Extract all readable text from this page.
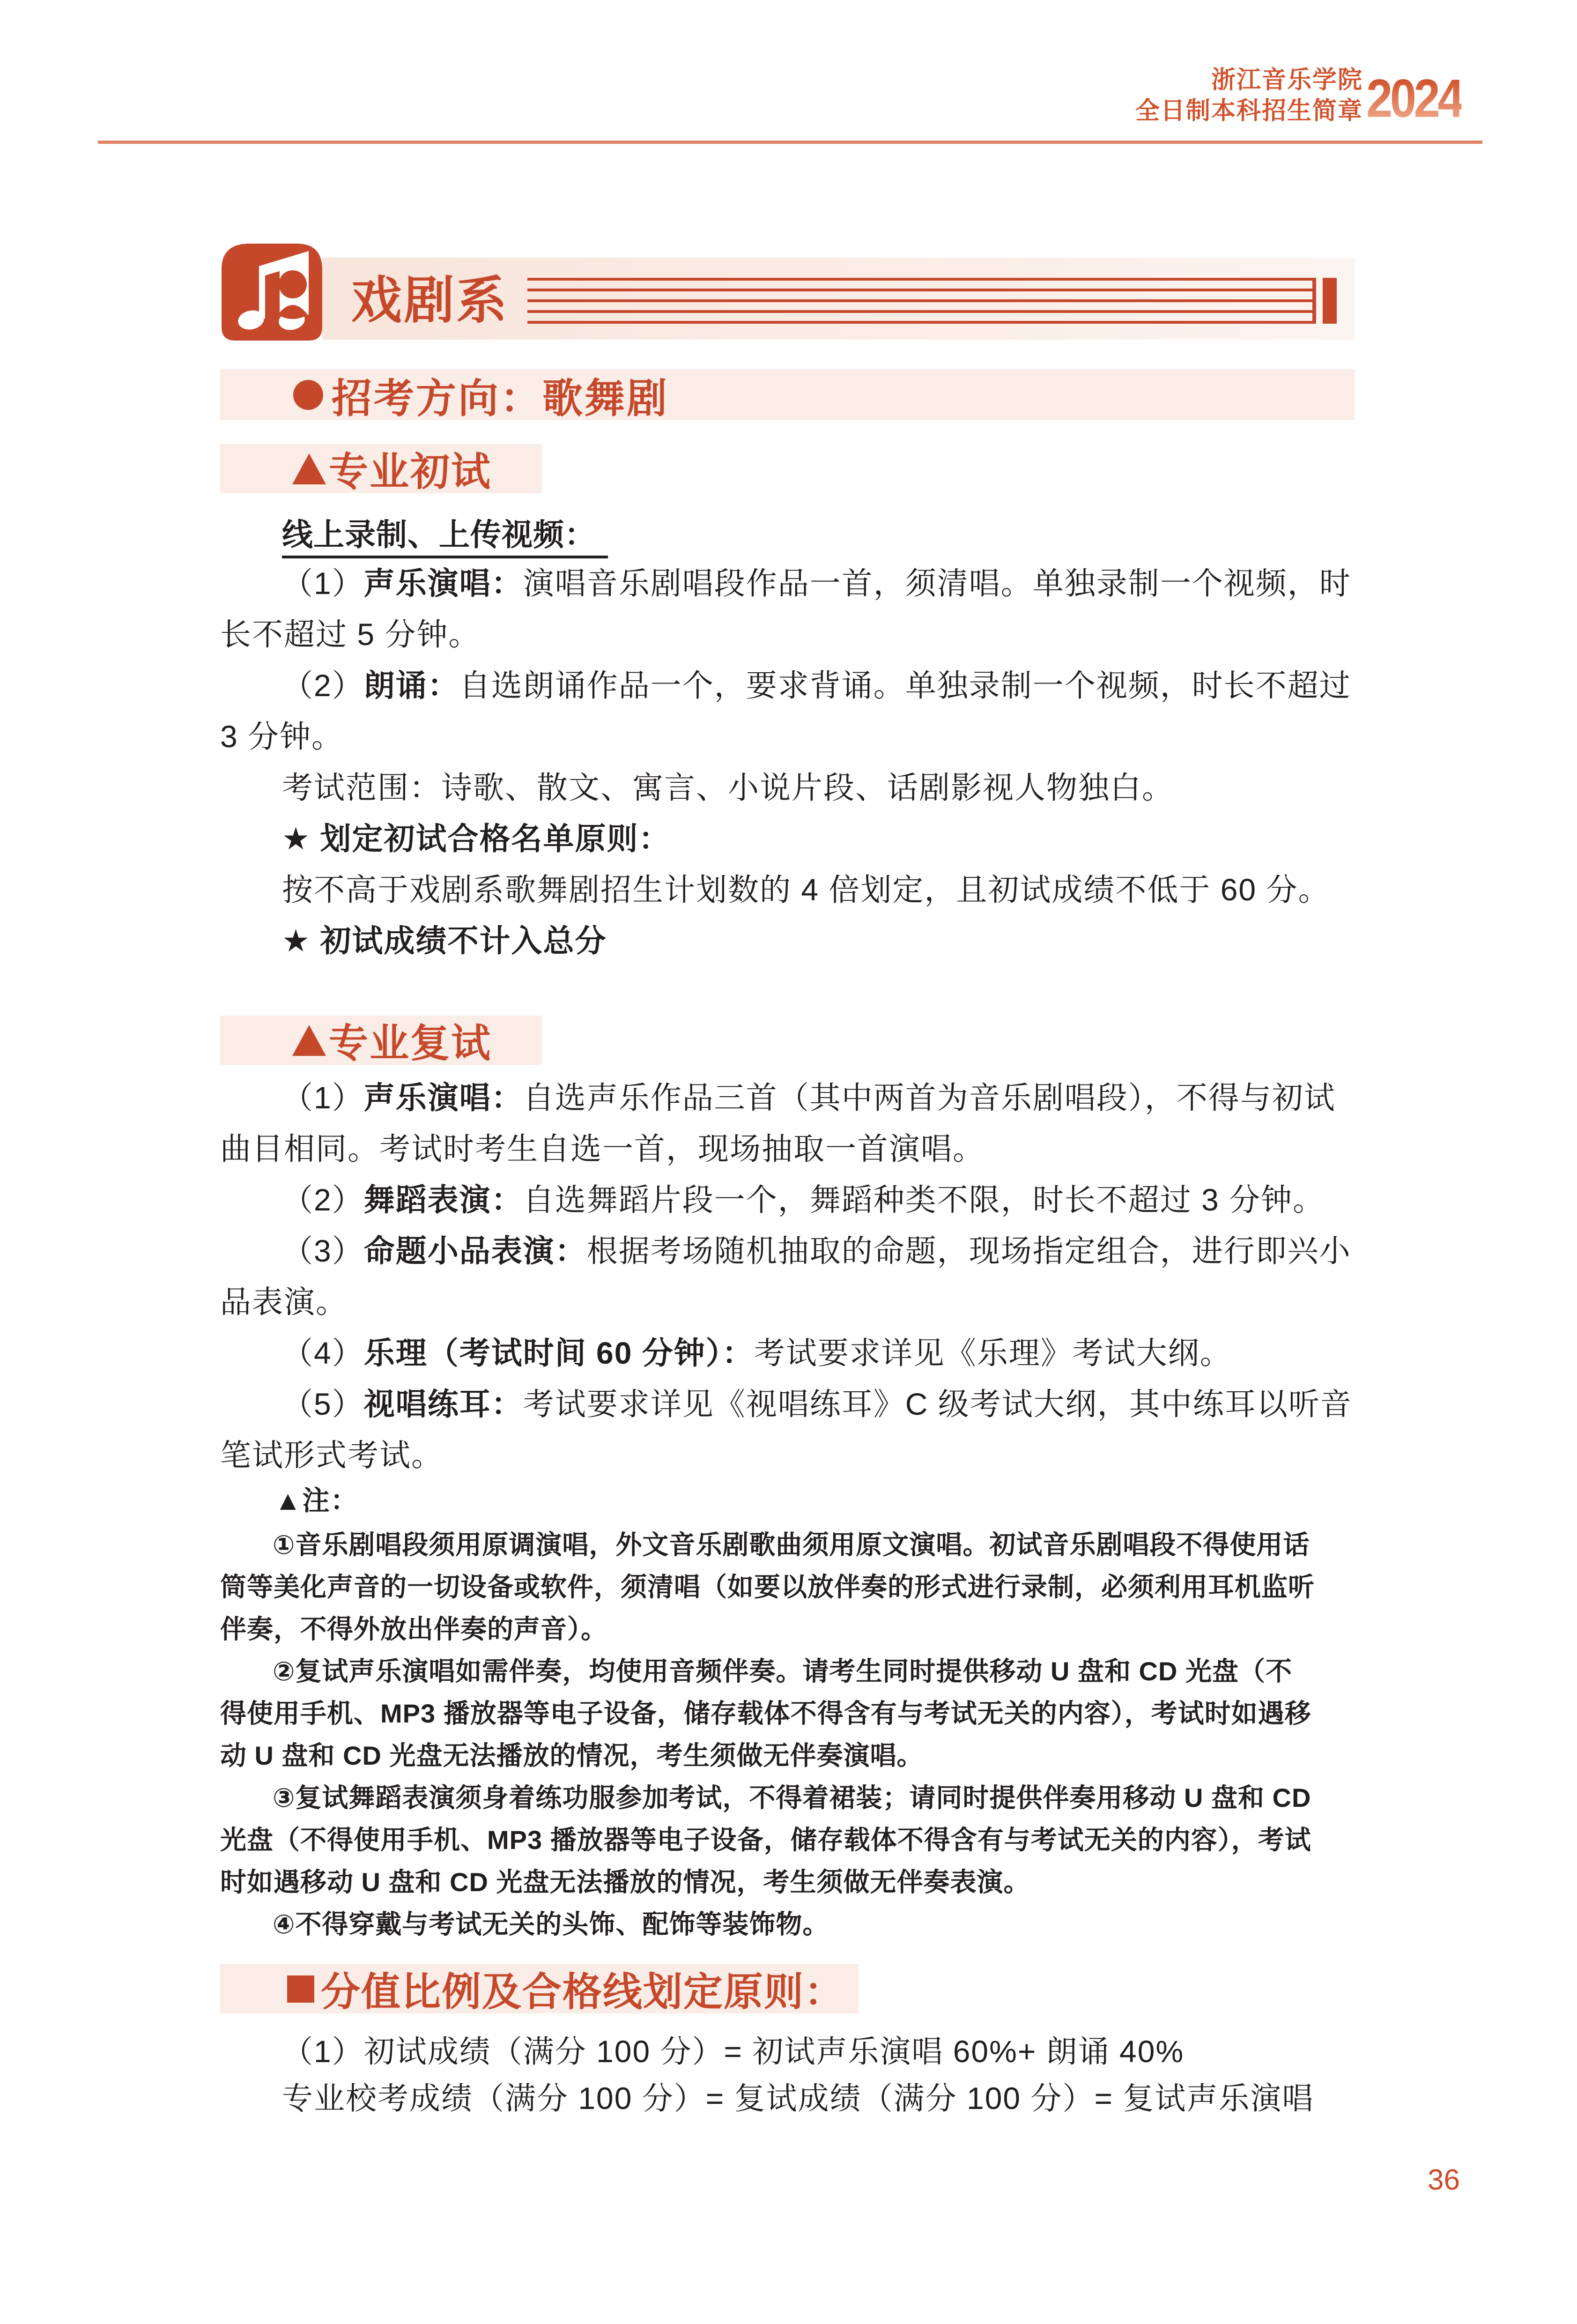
浙江音乐学院
全日制本科招生简章 2024
戏剧系
招考方向：歌舞剧
专业初试
线上录制、上传视频：
（1）声乐演唱：演唱音乐剧唱段作品一首，须清唱。单独录制一个视频，时
长不超过 5 分钟。
（2）朗诵：自选朗诵作品一个，要求背诵。单独录制一个视频，时长不超过
3 分钟。
考试范围：诗歌、散文、寓言、小说片段、话剧影视人物独白。
★ 划定初试合格名单原则：
按不高于戏剧系歌舞剧招生计划数的 4 倍划定，且初试成绩不低于 60 分。
★ 初试成绩不计入总分
专业复试
（1）声乐演唱：自选声乐作品三首（其中两首为音乐剧唱段），不得与初试
曲目相同。考试时考生自选一首，现场抽取一首演唱。
（2）舞蹈表演：自选舞蹈片段一个，舞蹈种类不限，时长不超过 3 分钟。
（3）命题小品表演：根据考场随机抽取的命题，现场指定组合，进行即兴小
品表演。
（4）乐理（考试时间 60 分钟）：考试要求详见《乐理》考试大纲。
（5）视唱练耳：考试要求详见《视唱练耳》C 级考试大纲，其中练耳以听音
笔试形式考试。
▲注：
①音乐剧唱段须用原调演唱，外文音乐剧歌曲须用原文演唱。初试音乐剧唱段不得使用话
筒等美化声音的一切设备或软件，须清唱（如要以放伴奏的形式进行录制，必须利用耳机监听
伴奏，不得外放出伴奏的声音）。
②复试声乐演唱如需伴奏，均使用音频伴奏。请考生同时提供移动 U 盘和 CD 光盘（不
得使用手机、MP3 播放器等电子设备，储存载体不得含有与考试无关的内容），考试时如遇移
动 U 盘和 CD 光盘无法播放的情况，考生须做无伴奏演唱。
③复试舞蹈表演须身着练功服参加考试，不得着裙装；请同时提供伴奏用移动 U 盘和 CD
光盘（不得使用手机、MP3 播放器等电子设备，储存载体不得含有与考试无关的内容），考试
时如遇移动 U 盘和 CD 光盘无法播放的情况，考生须做无伴奏表演。
④不得穿戴与考试无关的头饰、配饰等装饰物。
分值比例及合格线划定原则：
（1）初试成绩（满分 100 分）= 初试声乐演唱 60%+ 朗诵 40%
专业校考成绩（满分 100 分）= 复试成绩（满分 100 分）= 复试声乐演唱
36
